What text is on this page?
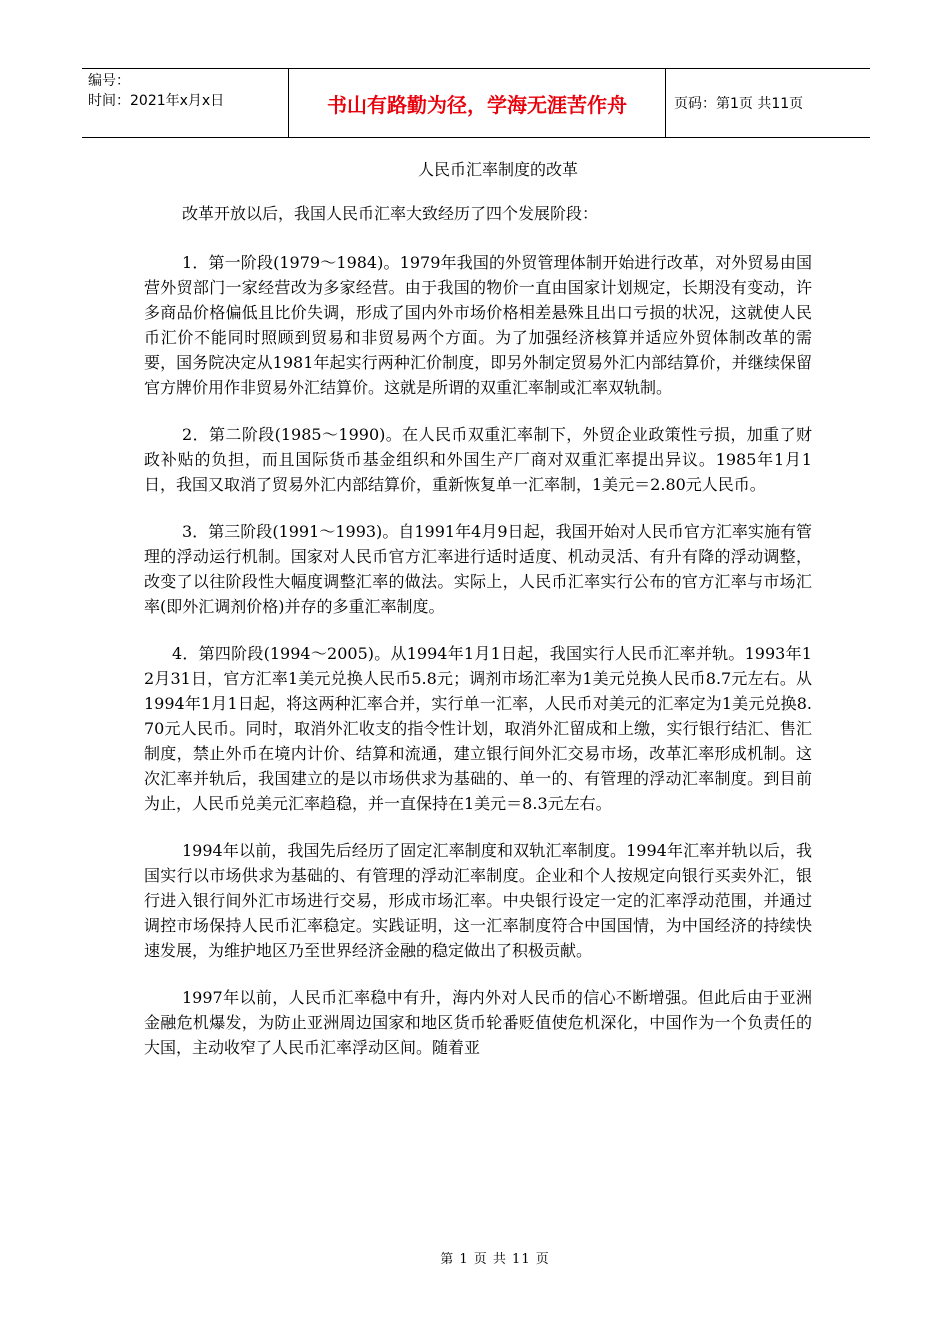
编号：
时间：2021年x月x日	书山有路勤为径，学海无涯苦作舟	页码：第1页 共11页
人民币汇率制度的改革

改革开放以后，我国人民币汇率大致经历了四个发展阶段：

1．第一阶段(1979～1984)。1979年我国的外贸管理体制开始进行改革，对外贸易由国营外贸部门一家经营改为多家经营。由于我国的物价一直由国家计划规定，长期没有变动，许多商品价格偏低且比价失调，形成了国内外市场价格相差悬殊且出口亏损的状况，这就使人民币汇价不能同时照顾到贸易和非贸易两个方面。为了加强经济核算并适应外贸体制改革的需要，国务院决定从1981年起实行两种汇价制度，即另外制定贸易外汇内部结算价，并继续保留官方牌价用作非贸易外汇结算价。这就是所谓的双重汇率制或汇率双轨制。

2．第二阶段(1985～1990)。在人民币双重汇率制下，外贸企业政策性亏损，加重了财政补贴的负担，而且国际货币基金组织和外国生产厂商对双重汇率提出异议。1985年1月1日，我国又取消了贸易外汇内部结算价，重新恢复单一汇率制，1美元＝2.80元人民币。

3．第三阶段(1991～1993)。自1991年4月9日起，我国开始对人民币官方汇率实施有管理的浮动运行机制。国家对人民币官方汇率进行适时适度、机动灵活、有升有降的浮动调整，改变了以往阶段性大幅度调整汇率的做法。实际上，人民币汇率实行公布的官方汇率与市场汇率(即外汇调剂价格)并存的多重汇率制度。

4．第四阶段(1994～2005)。从1994年1月1日起，我国实行人民币汇率并轨。1993年12月31日，官方汇率1美元兑换人民币5.8元；调剂市场汇率为1美元兑换人民币8.7元左右。从1994年1月1日起，将这两种汇率合并，实行单一汇率，人民币对美元的汇率定为1美元兑换8.70元人民币。同时，取消外汇收支的指令性计划，取消外汇留成和上缴，实行银行结汇、售汇制度，禁止外币在境内计价、结算和流通，建立银行间外汇交易市场，改革汇率形成机制。这次汇率并轨后，我国建立的是以市场供求为基础的、单一的、有管理的浮动汇率制度。到目前为止，人民币兑美元汇率趋稳，并一直保持在1美元＝8.3元左右。

1994年以前，我国先后经历了固定汇率制度和双轨汇率制度。1994年汇率并轨以后，我国实行以市场供求为基础的、有管理的浮动汇率制度。企业和个人按规定向银行买卖外汇，银行进入银行间外汇市场进行交易，形成市场汇率。中央银行设定一定的汇率浮动范围，并通过调控市场保持人民币汇率稳定。实践证明，这一汇率制度符合中国国情，为中国经济的持续快速发展，为维护地区乃至世界经济金融的稳定做出了积极贡献。

1997年以前，人民币汇率稳中有升，海内外对人民币的信心不断增强。但此后由于亚洲金融危机爆发，为防止亚洲周边国家和地区货币轮番贬值使危机深化，中国作为一个负责任的大国，主动收窄了人民币汇率浮动区间。随着亚

第 1 页 共 11 页
